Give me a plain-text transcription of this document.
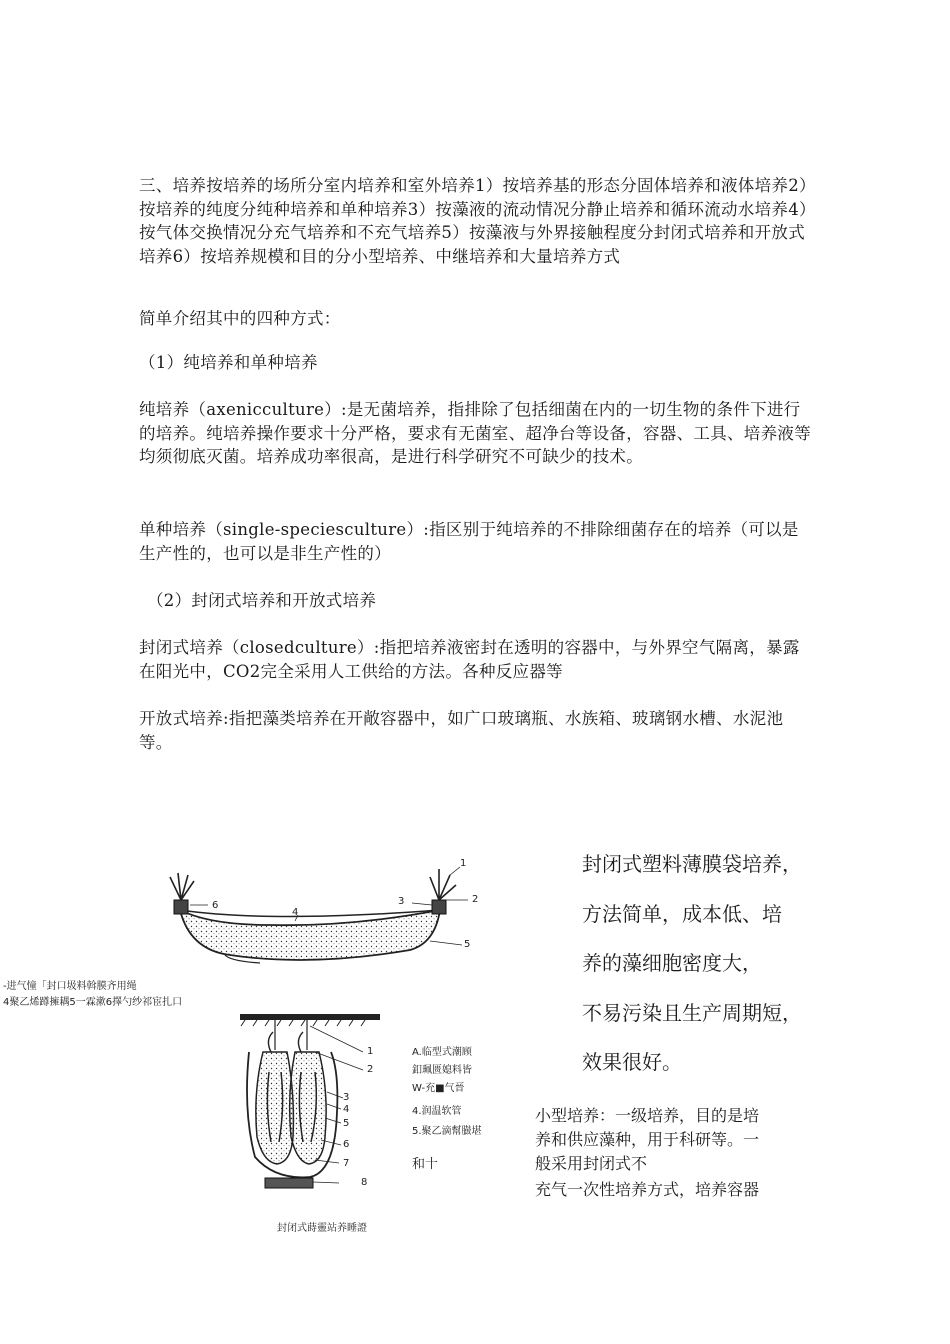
三、培养按培养的场所分室内培养和室外培养1）按培养基的形态分固体培养和液体培养2）按培养的纯度分纯种培养和单种培养3）按藻液的流动情况分静止培养和循环流动水培养4）按气体交换情况分充气培养和不充气培养5）按藻液与外界接触程度分封闭式培养和开放式培养6）按培养规模和目的分小型培养、中继培养和大量培养方式

简单介绍其中的四种方式：

（1）纯培养和单种培养

纯培养（axenicculture）:是无菌培养，指排除了包括细菌在内的一切生物的条件下进行的培养。纯培养操作要求十分严格，要求有无菌室、超净台等设备，容器、工具、培养液等均须彻底灭菌。培养成功率很高，是进行科学研究不可缺少的技术。

单种培养（single-speciesculture）:指区别于纯培养的不排除细菌存在的培养（可以是生产性的，也可以是非生产性的）

（2）封闭式培养和开放式培养

封闭式培养（closedculture）:指把培养液密封在透明的容器中，与外界空气隔离，暴露在阳光中，CO2完全采用人工供给的方法。各种反应器等

开放式培养:指把藻类培养在开敞容器中，如广口玻璃瓶、水族箱、玻璃钢水槽、水泥池等。

封闭式塑料薄膜袋培养，

方法简单，成本低、培

养的藻细胞密度大，

不易污染且生产周期短，

效果很好。

小型培养：一级培养，目的是培

养和供应藻种，用于科研等。一

般采用封闭式不

充气一次性培养方式，培养容器

6
4
3	2
1
5
-进气憧「封口圾料斡膜齐用绳
4聚乙烯蹲擁耦5一霖漱6擇勺纱祁宦扎口
1
2
3
4
5
6
7
8
A.临型式潮顾
釦珮匮媳料皆
W-充■气晉
4.润温软管
5.聚乙滴幫臌堪
和十
封闭式蒔靈站养睡證
